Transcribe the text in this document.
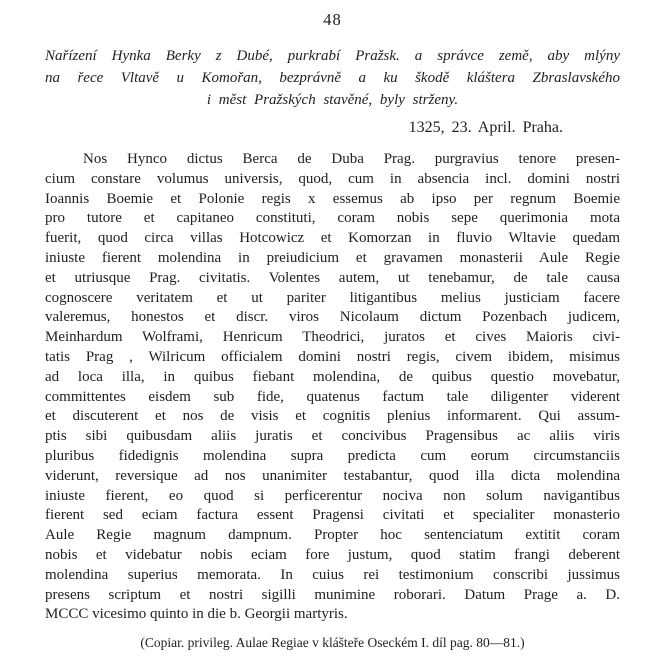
48
Nařízení Hynka Berky z Dubé, purkrabí Pražsk. a správce země, aby mlýny
na řece Vltavě u Komořan, bezprávně a ku škodě kláštera Zbraslavského
i měst Pražských stavěné, byly strženy.
1325, 23. April. Praha.
Nos Hynco dictus Berca de Duba Prag. purgravius tenore presen-
cium constare volumus universis, quod, cum in absencia incl. domini nostri
Ioannis Boemie et Polonie regis x essemus ab ipso per regnum Boemie
pro tutore et capitaneo constituti, coram nobis sepe querimonia mota
fuerit, quod circa villas Hotcowicz et Komorzan in fluvio Wltavie quedam
iniuste fierent molendina in preiudicium et gravamen monasterii Aule Regie
et utriusque Prag. civitatis. Volentes autem, ut tenebamur, de tale causa
cognoscere veritatem et ut pariter litigantibus melius justiciam facere
valeremus, honestos et discr. viros Nicolaum dictum Pozenbach judicem,
Meinhardum Wolframi, Henricum Theodrici, juratos et cives Maioris civi-
tatis Prag , Wilricum officialem domini nostri regis, civem ibidem, misimus
ad loca illa, in quibus fiebant molendina, de quibus questio movebatur,
committentes eisdem sub fide, quatenus factum tale diligenter viderent
et discuterent et nos de visis et cognitis plenius informarent. Qui assum-
ptis sibi quibusdam aliis juratis et concivibus Pragensibus ac aliis viris
pluribus fidedignis molendina supra predicta cum eorum circumstanciis
viderunt, reversique ad nos unanimiter testabantur, quod illa dicta molendina
iniuste fierent, eo quod si perficerentur nociva non solum navigantibus
fierent sed eciam factura essent Pragensi civitati et specialiter monasterio
Aule Regie magnum dampnum. Propter hoc sentenciatum extitit coram
nobis et videbatur nobis eciam fore justum, quod statim frangi deberent
molendina superius memorata. In cuius rei testimonium conscribi jussimus
presens scriptum et nostri sigilli munimine roborari. Datum Prage a. D.
MCCC vicesimo quinto in die b. Georgii martyris.
(Copiar. privileg. Aulae Regiae v klášteře Oseckém I. díl pag. 80—81.)
